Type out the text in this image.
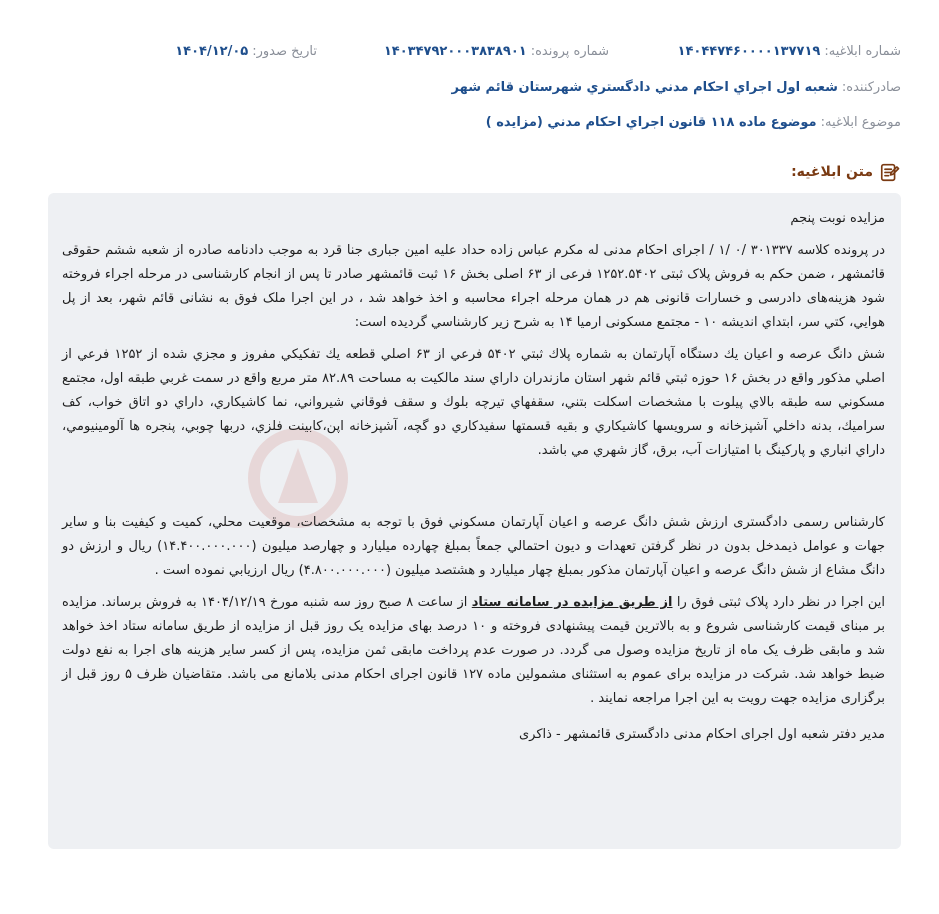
شماره ابلاغیه:۱۴۰۴۴۷۴۶۰۰۰۰۱۳۷۷۱۹
شماره پرونده:۱۴۰۳۴۷۹۲۰۰۰۳۸۳۸۹۰۱
تاریخ صدور:۱۴۰۴/۱۲/۰۵
صادرکننده:شعبه اول اجراي احكام مدني دادگستري شهرستان قائم شهر
موضوع ابلاغیه:موضوع ماده ۱۱۸ قانون اجراي احكام مدني (مزايده )
متن ابلاغیه:

مزایده نوبت پنجم

در پرونده کلاسه ۳۰۱۳۳۷ /۰ /۱ / اجرای احکام مدنی له مکرم عباس زاده حداد علیه امین جباری جنا قرد به موجب دادنامه صادره از شعبه ششم حقوقی قائمشهر ، ضمن حکم به فروش پلاک ثبتی ۱۲۵۲.۵۴۰۲ فرعی از ۶۳ اصلی بخش ۱۶ ثبت قائمشهر صادر تا پس از انجام کارشناسی در مرحله اجراء فروخته شود هزینه‌های دادرسی و خسارات قانونی هم در همان مرحله اجراء محاسبه و اخذ خواهد شد ، در این اجرا ملک فوق به نشانی قائم شهر، بعد از پل هوایي، كتي سر، ابتداي انديشه ۱۰ - مجتمع مسکونی ارمیا ۱۴ به شرح زیر كارشناسي گرديده است:

شش دانگ عرصه و اعيان يك دستگاه آپارتمان به شماره پلاك ثبتي ۵۴۰۲ فرعي از ۶۳ اصلي قطعه يك تفكيكي مفروز و مجزي شده از ۱۲۵۲ فرعي از اصلي مذكور واقع در بخش ۱۶ حوزه ثبتي قائم شهر استان مازندران داراي سند مالكيت به مساحت ۸۲.۸۹ متر مربع واقع در سمت غربي طبقه اول، مجتمع مسكوني سه طبقه بالاي پيلوت با مشخصات اسكلت بتني، سقفهاي تيرچه بلوك و سقف فوقاني شيرواني، نما كاشيكاري، داراي دو اتاق خواب، كف سراميك، بدنه داخلي آشپزخانه و سرويسها كاشيكاري و بقيه قسمتها سفيدكاري دو گچه، آشپزخانه اپن،كابينت فلزي، دربها چوبي، پنجره ها آلومينيومي، داراي انباري و پاركينگ با امتيازات آب، برق، گاز شهري مي باشد.

کارشناس رسمی دادگستری ارزش شش دانگ عرصه و اعيان آپارتمان مسكوني فوق با توجه به مشخصات، موقعيت محلي، كميت و كيفيت بنا و ساير جهات و عوامل ذيمدخل بدون در نظر گرفتن تعهدات و ديون احتمالي جمعاً بمبلغ چهارده ميليارد و چهارصد ميليون (۱۴.۴۰۰.۰۰۰.۰۰۰) ريال و ارزش دو دانگ مشاع از شش دانگ عرصه و اعيان آپارتمان مذكور بمبلغ چهار ميليارد و هشتصد ميليون (۴.۸۰۰.۰۰۰.۰۰۰) ريال ارزيابي نموده است .

این اجرا در نظر دارد پلاک ثبتی فوق را از طریق مزایده در سامانه ستاد از ساعت ۸ صبح روز سه شنبه مورخ ۱۴۰۴/۱۲/۱۹ به فروش برساند. مزایده بر مبنای قیمت کارشناسی شروع و به بالاترین قیمت پیشنهادی فروخته و ۱۰ درصد بهای مزایده یک روز قبل از مزایده از طریق سامانه ستاد اخذ خواهد شد و مابقی ظرف یک ماه از تاریخ مزایده وصول می گردد. در صورت عدم پرداخت مابقی ثمن مزایده، پس از کسر سایر هزینه های اجرا به نفع دولت ضبط خواهد شد. شرکت در مزایده برای عموم به استثنای مشمولین ماده ۱۲۷ قانون اجرای احکام مدنی بلامانع می باشد. متقاضیان ظرف ۵ روز قبل از برگزاری مزایده جهت رویت به این اجرا مراجعه نمایند .

مدیر دفتر شعبه اول اجرای احکام مدنی دادگستری قائمشهر - ذاکری
